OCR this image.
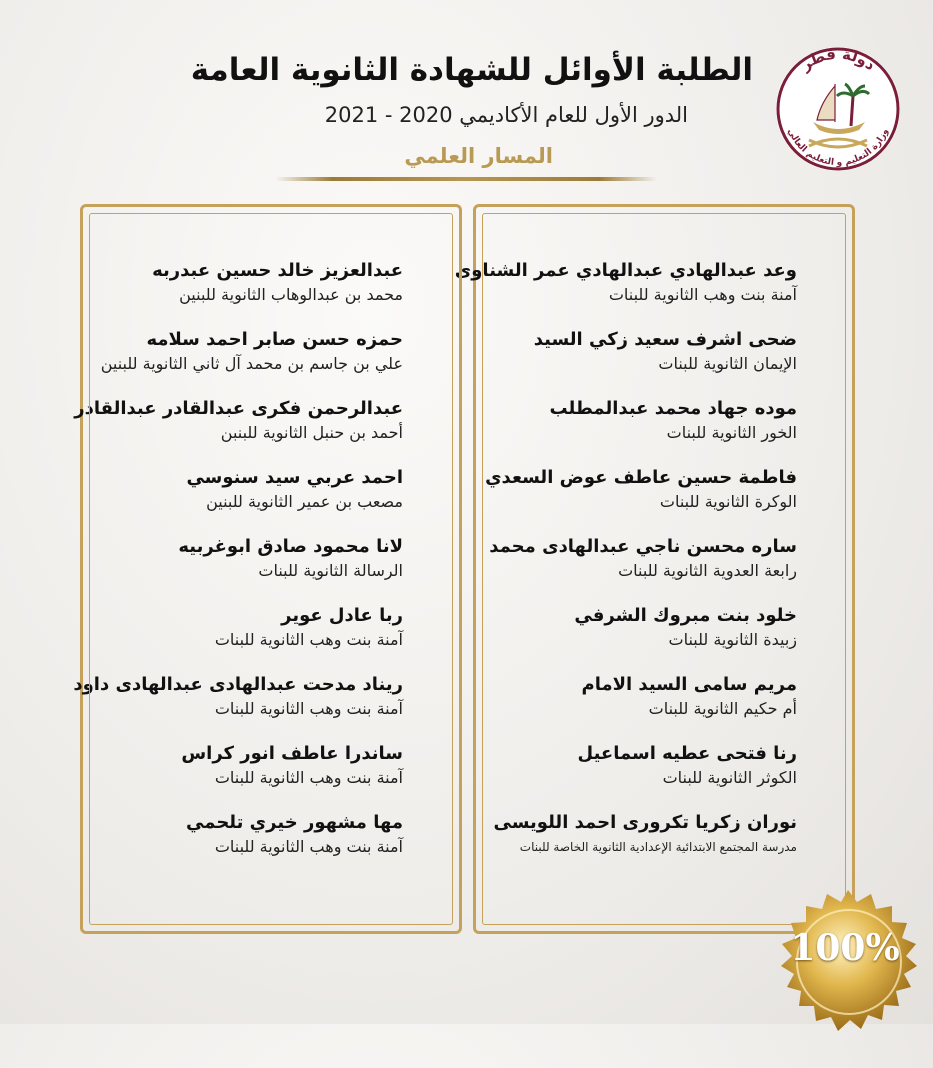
الطلبة الأوائل للشهادة الثانوية العامة
الدور الأول للعام الأكاديمي 2020 - 2021
المسار العلمي
دولة قطر
وزارة التعليم و التعليم العالي
وعد عبدالهادي عبدالهادي عمر الشناوى
آمنة بنت وهب الثانوية للبنات
ضحى اشرف سعيد زكي السيد
الإيمان الثانوية للبنات
موده جهاد محمد عبدالمطلب
الخور الثانوية للبنات
فاطمة حسين عاطف عوض السعدي
الوكرة الثانوية للبنات
ساره محسن ناجي عبدالهادى محمد
رابعة العدوية الثانوية للبنات
خلود بنت مبروك الشرفي
زبيدة الثانوية للبنات
مريم سامى السيد الامام
أم حكيم الثانوية للبنات
رنا فتحى عطيه اسماعيل
الكوثر الثانوية للبنات
نوران زكريا تكرورى احمد اللويسى
مدرسة المجتمع الابتدائية الإعدادية الثانوية الخاصة للبنات
عبدالعزيز خالد حسين عبدربه
محمد بن عبدالوهاب الثانوية للبنين
حمزه حسن صابر احمد سلامه
علي بن جاسم بن محمد آل ثاني الثانوية للبنين
عبدالرحمن فكرى عبدالقادر عبدالقادر
أحمد بن حنبل الثانوية للبنبن
احمد عربي سيد سنوسي
مصعب بن عمير الثانوية للبنين
لانا محمود صادق ابوغربيه
الرسالة الثانوية للبنات
ربا عادل عوير
آمنة بنت وهب الثانوية للبنات
ريناد مدحت عبدالهادى عبدالهادى داود
آمنة بنت وهب الثانوية للبنات
ساندرا عاطف انور كراس
آمنة بنت وهب الثانوية للبنات
مها مشهور خيري تلحمي
آمنة بنت وهب الثانوية للبنات
100%
